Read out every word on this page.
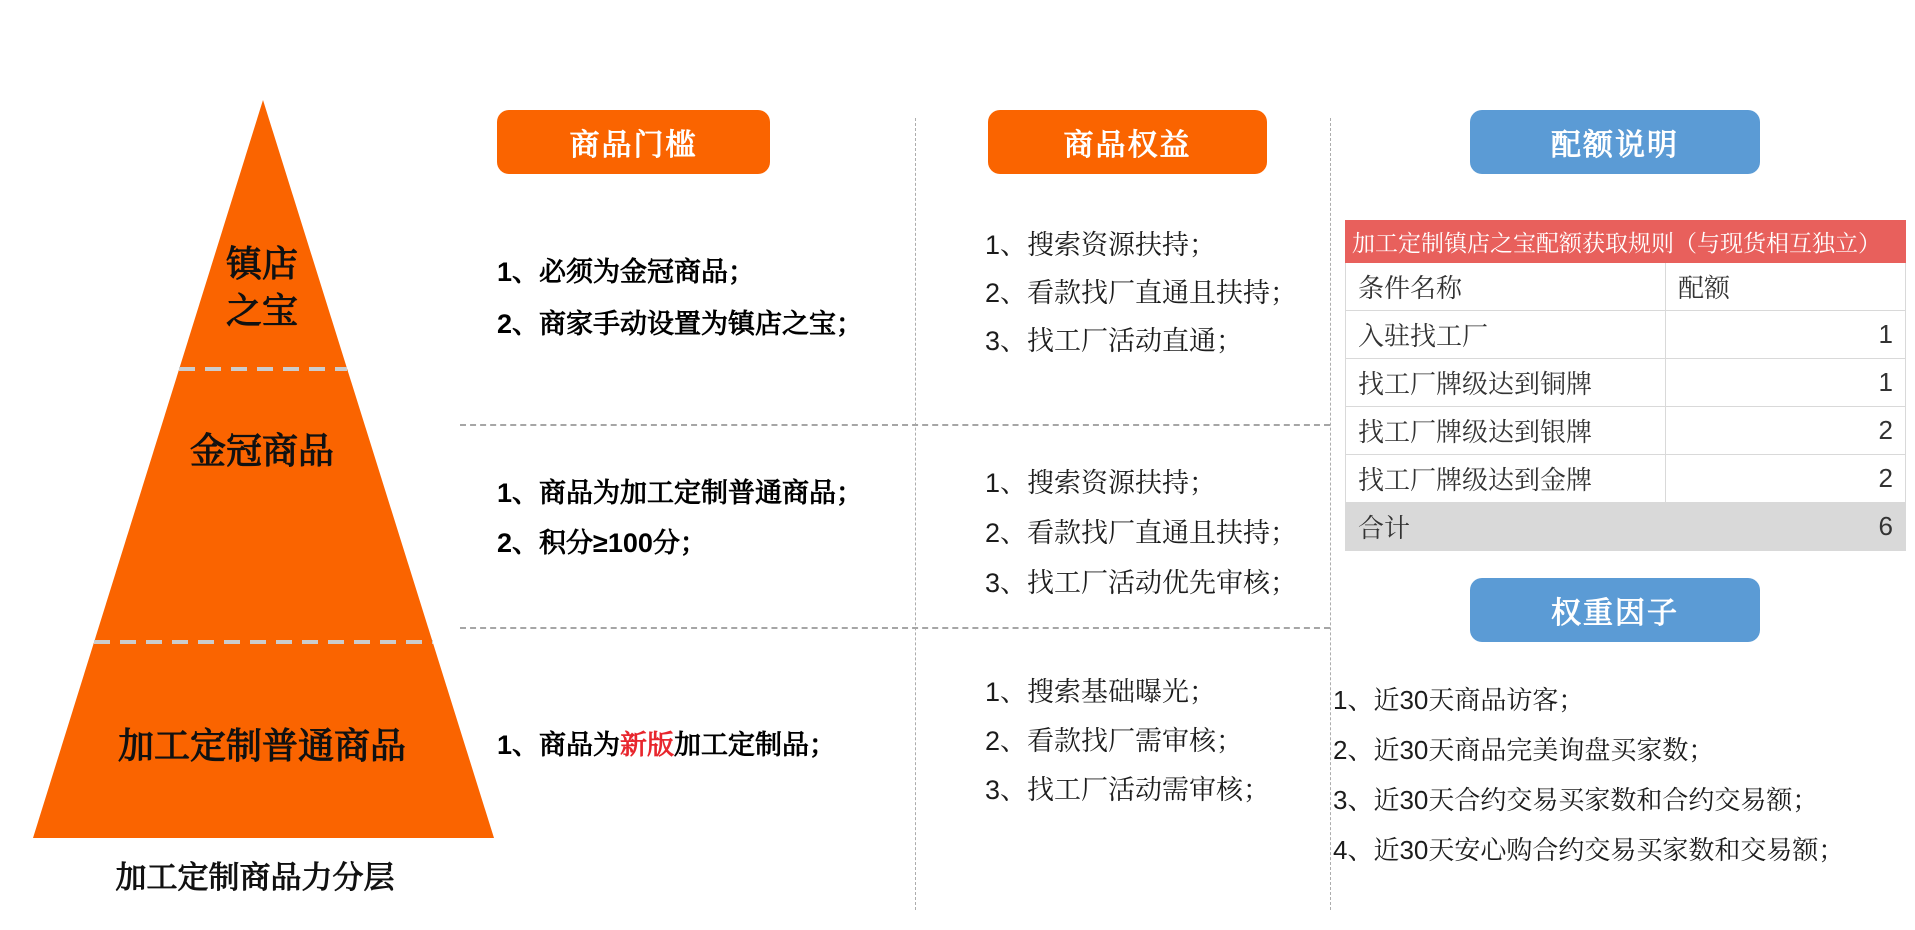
镇店
之宝
金冠商品
加工定制普通商品
加工定制商品力分层
商品门槛	商品权益	配额说明
权重因子
1、必须为金冠商品；
2、商家手动设置为镇店之宝；
1、商品为加工定制普通商品；
2、积分≥100分；
1、商品为新版加工定制品；
1、搜索资源扶持；
2、看款找厂直通且扶持；
3、找工厂活动直通；
1、搜索资源扶持；
2、看款找厂直通且扶持；
3、找工厂活动优先审核；
1、搜索基础曝光；
2、看款找厂需审核；
3、找工厂活动需审核；
加工定制镇店之宝配额获取规则（与现货相互独立）	
条件名称	配额
入驻找工厂	1
找工厂牌级达到铜牌	1
找工厂牌级达到银牌	2
找工厂牌级达到金牌	2
合计	6
1、近30天商品访客；
2、近30天商品完美询盘买家数；
3、近30天合约交易买家数和合约交易额；
4、近30天安心购合约交易买家数和交易额；
